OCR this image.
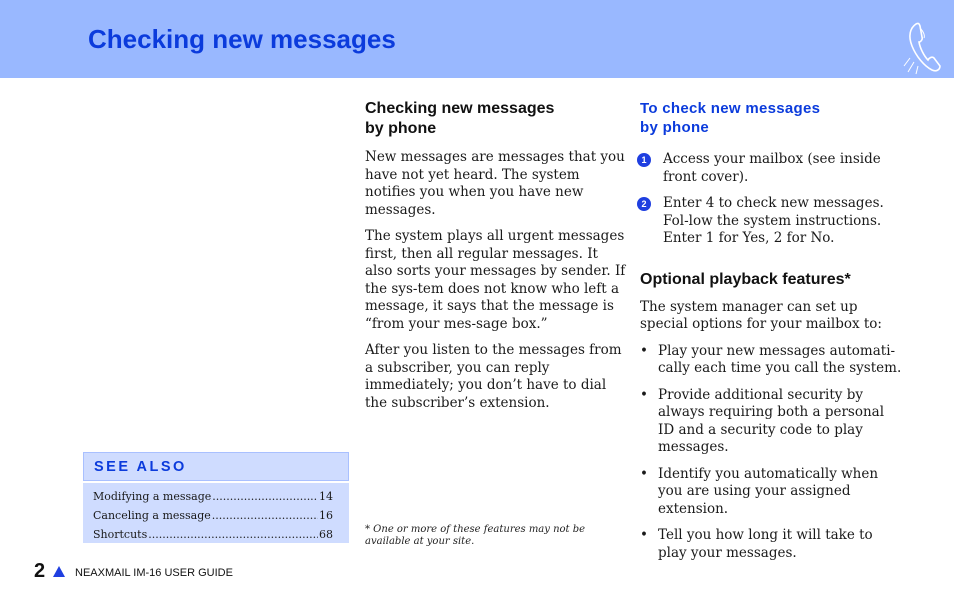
Checking new messages
Checking new messages
by phone

New messages are messages that you have not yet heard. The system notifies you when you have new messages.

The system plays all urgent messages first, then all regular messages. It also sorts your messages by sender. If the sys-tem does not know who left a message, it says that the message is “from your mes-sage box.”

After you listen to the messages from a subscriber, you can reply immediately; you don’t have to dial the subscriber’s extension.

* One or more of these features may not be available at your site.
To check new messages
by phone
1	Access your mailbox (see inside front cover).
2	Enter 4 to check new messages. Fol-low the system instructions. Enter 1 for Yes, 2 for No.
Optional playback features*

The system manager can set up special options for your mailbox to:

• Play your new messages automati-cally each time you call the system.
• Provide additional security by always requiring both a personal ID and a security code to play messages.
• Identify you automatically when you are using your assigned extension.
• Tell you how long it will take to play your messages.
SEE ALSO
Modifying a message .....	14
Canceling a message .....	16
Shortcuts .....	68
2	NEAXMAIL IM-16 USER GUIDE
